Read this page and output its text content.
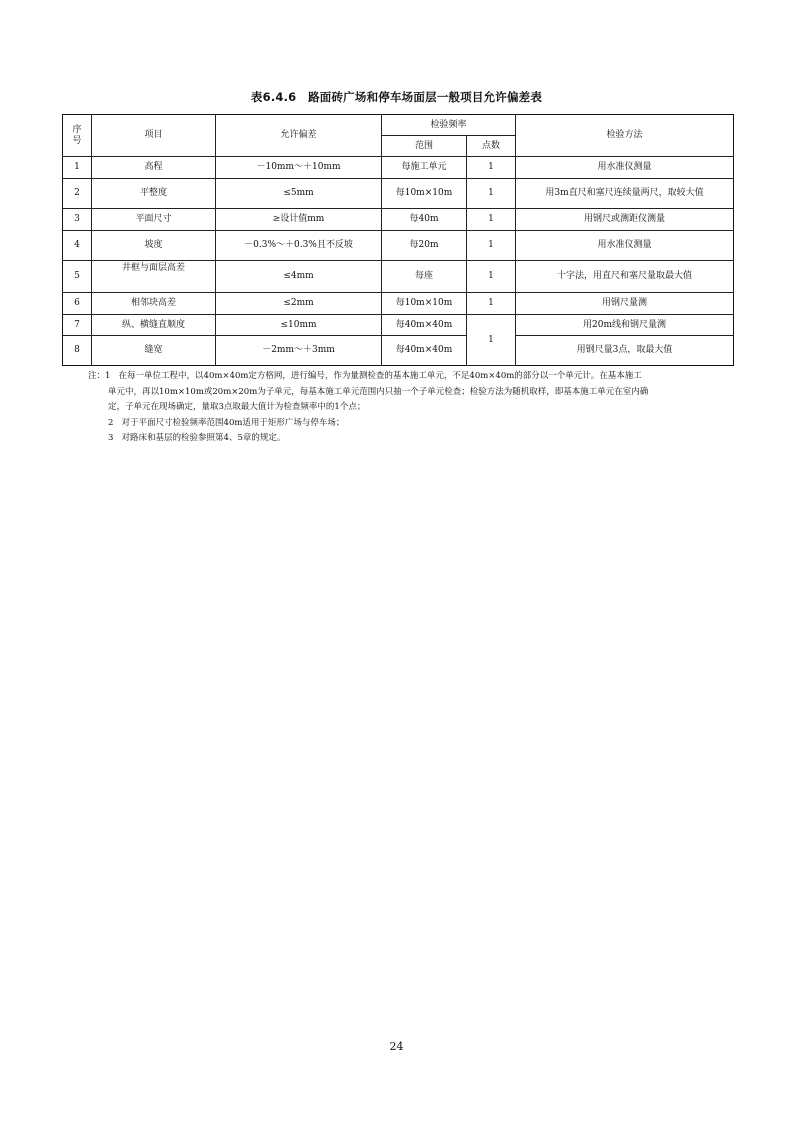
表6.4.6　路面砖广场和停车场面层一般项目允许偏差表
序
号	项目	允许偏差	检验频率		检验方法
			范围	点数	
1	高程	－10mm～＋10mm	每施工单元	1	用水准仪测量
2	平整度	≤5mm	每10m×10m	1	用3m直尺和塞尺连续量两尺，取较大值
3	平面尺寸	≥设计值mm	每40m	1	用钢尺或测距仪测量
4	坡度	－0.3%～＋0.3%且不反坡	每20m	1	用水准仪测量
5	井框与面层高差	≤4mm	每座	1	十字法，用直尺和塞尺量取最大值
6	相邻块高差	≤2mm	每10m×10m	1	用钢尺量测
7	纵、横缝直顺度	≤10mm	每40m×40m	1	用20m线和钢尺量测
8	缝宽	－2mm～＋3mm	每40m×40m		用钢尺量3点，取最大值
注：1 在每一单位工程中，以40m×40m定方格网，进行编号，作为量测检查的基本施工单元，不足40m×40m的部分以一个单元计。在基本施工
单元中，再以10m×10m或20m×20m为子单元，每基本施工单元范围内只抽一个子单元检查；检验方法为随机取样，即基本施工单元在室内确
定，子单元在现场确定，量取3点取最大值计为检查频率中的1个点；
2 对于平面尺寸检验频率范围40m适用于矩形广场与停车场；
3 对路床和基层的检验参照第4、5章的规定。
24
